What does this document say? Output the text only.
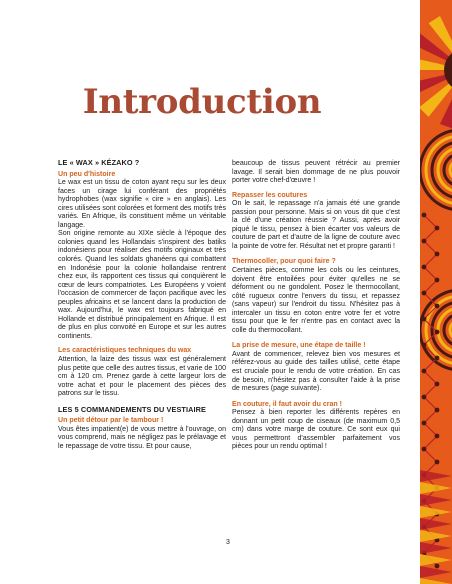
Introduction
LE « WAX » KÉZAKO ?
Un peu d'histoire

Le wax est un tissu de coton ayant reçu sur les deux faces un cirage lui conférant des propriétés hydrophobes (wax signifie « cire » en anglais). Les cires utilisées sont colorées et forment des motifs très variés. En Afrique, ils constituent même un véritable langage.

Son origine remonte au XIXe siècle à l'époque des colonies quand les Hollandais s'inspirent des batiks indonésiens pour réaliser des motifs originaux et très colorés. Quand les soldats ghanéens qui combattent en Indonésie pour la colonie hollandaise rentrent chez eux, ils rapportent ces tissus qui conquièrent le cœur de leurs compatriotes. Les Européens y voient l'occasion de commercer de façon pacifique avec les peuples africains et se lancent dans la production de wax. Aujourd'hui, le wax est toujours fabriqué en Hollande et distribué principalement en Afrique. Il est de plus en plus convoité en Europe et sur les autres continents.

Les caractéristiques techniques du wax

Attention, la laize des tissus wax est généralement plus petite que celle des autres tissus, et varie de 100 cm à 120 cm. Prenez garde à cette largeur lors de votre achat et pour le placement des pièces des patrons sur le tissu.

LES 5 COMMANDEMENTS DU VESTIAIRE
Un petit détour par le tambour !

Vous êtes impatient(e) de vous mettre à l'ouvrage, on vous comprend, mais ne négligez pas le prélavage et le repassage de votre tissu. Et pour cause,

beaucoup de tissus peuvent rétrécir au premier lavage. Il serait bien dommage de ne plus pouvoir porter votre chef-d'œuvre !

Repasser les coutures

On le sait, le repassage n'a jamais été une grande passion pour personne. Mais si on vous dit que c'est la clé d'une création réussie ? Aussi, après avoir piqué le tissu, pensez à bien écarter vos valeurs de couture de part et d'autre de la ligne de couture avec la pointe de votre fer. Résultat net et propre garanti !

Thermocoller, pour quoi faire ?

Certaines pièces, comme les cols ou les ceintures, doivent être entoilées pour éviter qu'elles ne se déforment ou ne gondolent. Posez le thermocollant, côté rugueux contre l'envers du tissu, et repassez (sans vapeur) sur l'endroit du tissu. N'hésitez pas à intercaler un tissu en coton entre votre fer et votre tissu pour que le fer n'entre pas en contact avec la colle du thermocollant.

La prise de mesure, une étape de taille !

Avant de commencer, relevez bien vos mesures et référez-vous au guide des tailles utilisé, cette étape est cruciale pour le rendu de votre création. En cas de besoin, n'hésitez pas à consulter l'aide à la prise de mesures (page suivante).

En couture, il faut avoir du cran !

Pensez à bien reporter les différents repères en donnant un petit coup de ciseaux (de maximum 0,5 cm) dans votre marge de couture. Ce sont eux qui vous permettront d'assembler parfaitement vos pièces pour un rendu optimal !

3
